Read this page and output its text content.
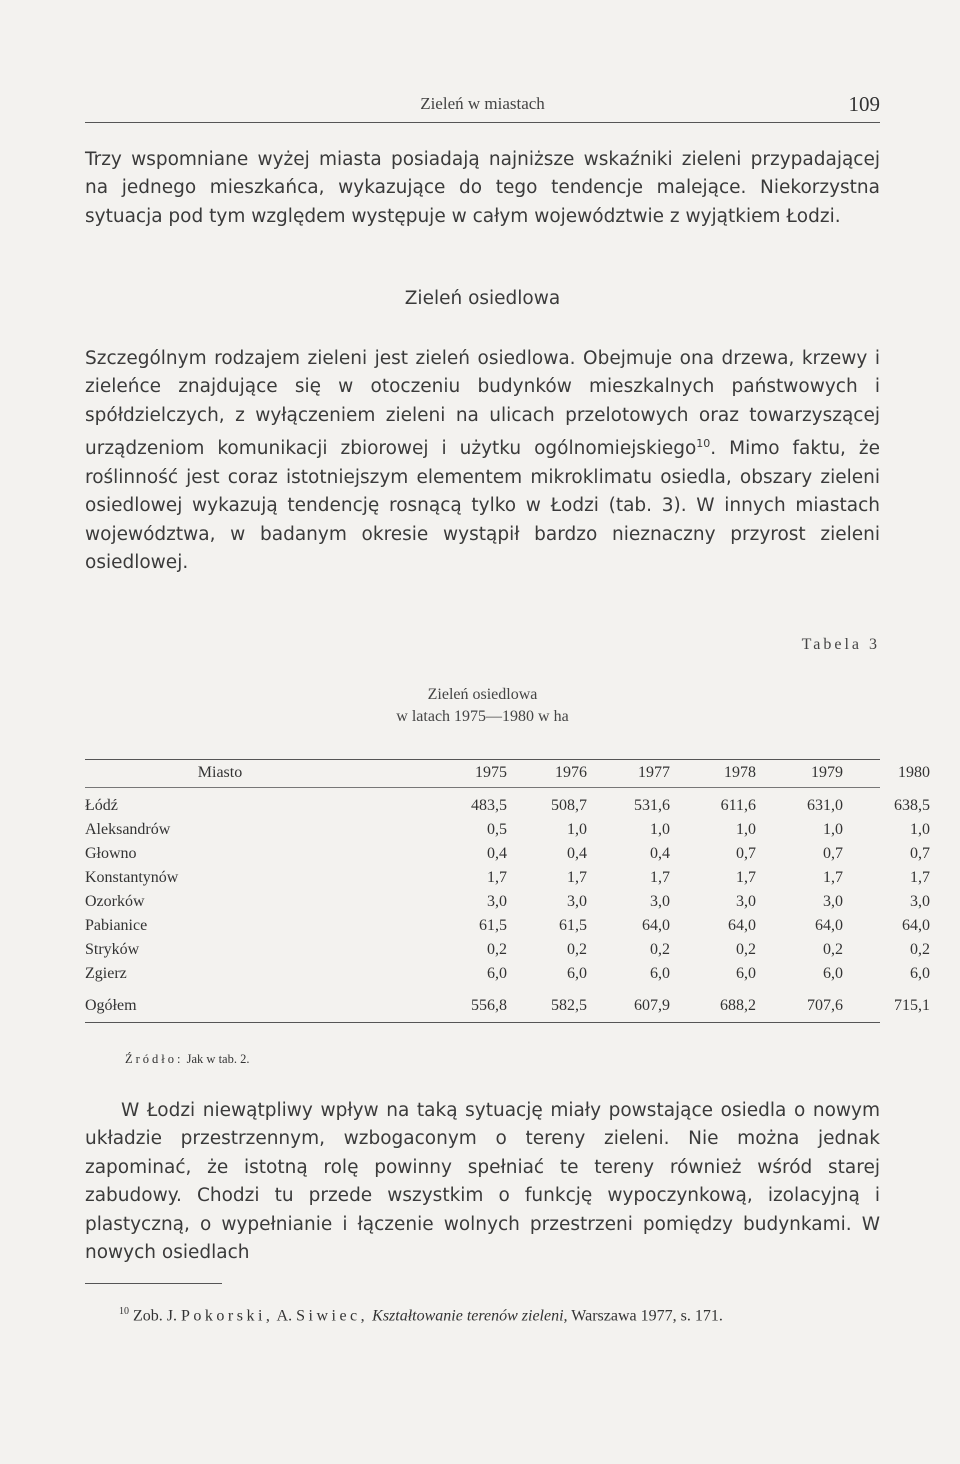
Zieleń w miastach	109

Trzy wspomniane wyżej miasta posiadają najniższe wskaźniki zieleni przypadającej na jednego mieszkańca, wykazujące do tego tendencje malejące. Niekorzystna sytuacja pod tym względem występuje w całym województwie z wyjątkiem Łodzi.

Zieleń osiedlowa

Szczególnym rodzajem zieleni jest zieleń osiedlowa. Obejmuje ona drzewa, krzewy i zieleńce znajdujące się w otoczeniu budynków mieszkalnych państwowych i spółdzielczych, z wyłączeniem zieleni na ulicach przelotowych oraz towarzyszącej urządzeniom komunikacji zbiorowej i użytku ogólnomiejskiego$^{10}$. Mimo faktu, że roślinność jest coraz istotniejszym elementem mikroklimatu osiedla, obszary zieleni osiedlowej wykazują tendencję rosnącą tylko w Łodzi (tab. 3). W innych miastach województwa, w badanym okresie wystąpił bardzo nieznaczny przyrost zieleni osiedlowej.

Tabela 3
Zieleń osiedlowa
w latach 1975—1980 w ha
Miasto	1975	1976	1977	1978	1979	1980
Łódź	483,5	508,7	531,6	611,6	631,0	638,5
Aleksandrów	0,5	1,0	1,0	1,0	1,0	1,0
Głowno	0,4	0,4	0,4	0,7	0,7	0,7
Konstantynów	1,7	1,7	1,7	1,7	1,7	1,7
Ozorków	3,0	3,0	3,0	3,0	3,0	3,0
Pabianice	61,5	61,5	64,0	64,0	64,0	64,0
Stryków	0,2	0,2	0,2	0,2	0,2	0,2
Zgierz	6,0	6,0	6,0	6,0	6,0	6,0
Ogółem	556,8	582,5	607,9	688,2	707,6	715,1
Źródło: Jak w tab. 2.

W Łodzi niewątpliwy wpływ na taką sytuację miały powstające osiedla o nowym układzie przestrzennym, wzbogaconym o tereny zieleni. Nie można jednak zapominać, że istotną rolę powinny spełniać te tereny również wśród starej zabudowy. Chodzi tu przede wszystkim o funkcję wypoczynkową, izolacyjną i plastyczną, o wypełnianie i łączenie wolnych przestrzeni pomiędzy budynkami. W nowych osiedlach

$^{10}$ Zob. J. Pokorski, A. Siwiec, Kształtowanie terenów zieleni, Warszawa 1977, s. 171.
